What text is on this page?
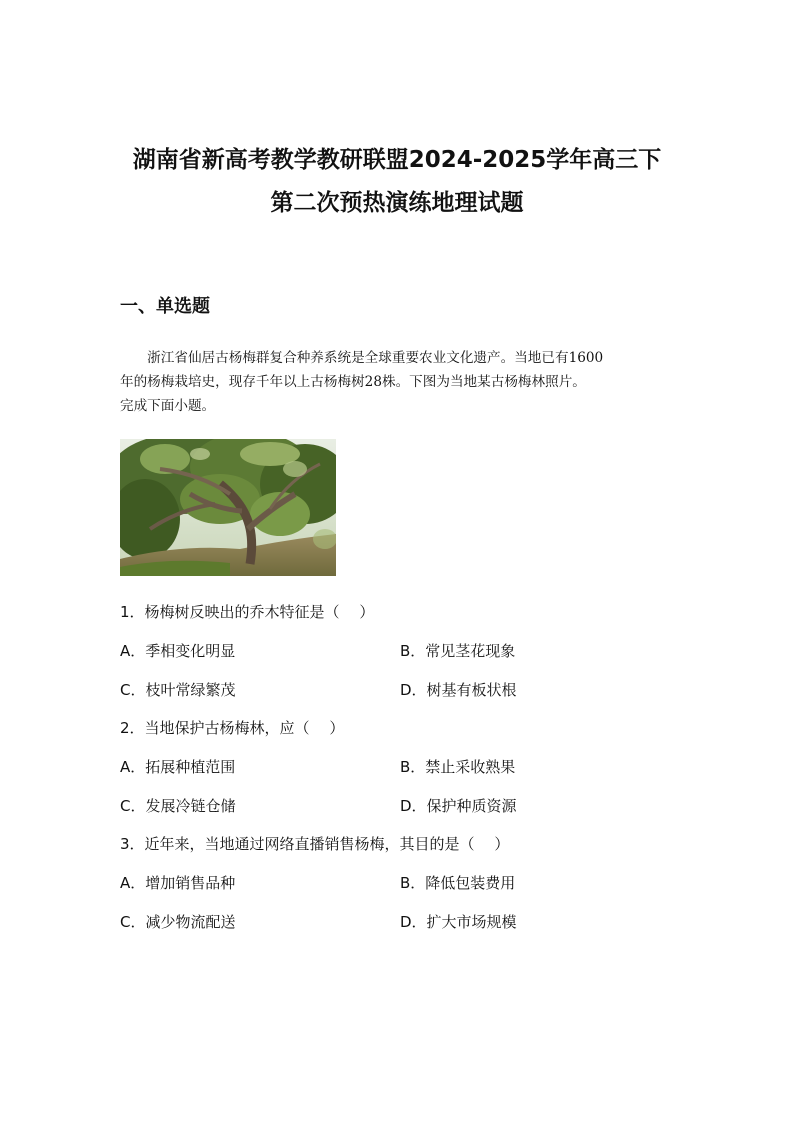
湖南省新高考教学教研联盟2024-2025学年高三下
第二次预热演练地理试题
一、单选题

　　浙江省仙居古杨梅群复合种养系统是全球重要农业文化遗产。当地已有1600
年的杨梅栽培史，现存千年以上古杨梅树28株。下图为当地某古杨梅林照片。
完成下面小题。

1．杨梅树反映出的乔木特征是（　 ）

A．季相变化明显	B．常见茎花现象

C．枝叶常绿繁茂	D．树基有板状根

2．当地保护古杨梅林，应（　 ）

A．拓展种植范围	B．禁止采收熟果

C．发展冷链仓储	D．保护种质资源

3．近年来，当地通过网络直播销售杨梅，其目的是（　 ）

A．增加销售品种	B．降低包装费用

C．减少物流配送	D．扩大市场规模
